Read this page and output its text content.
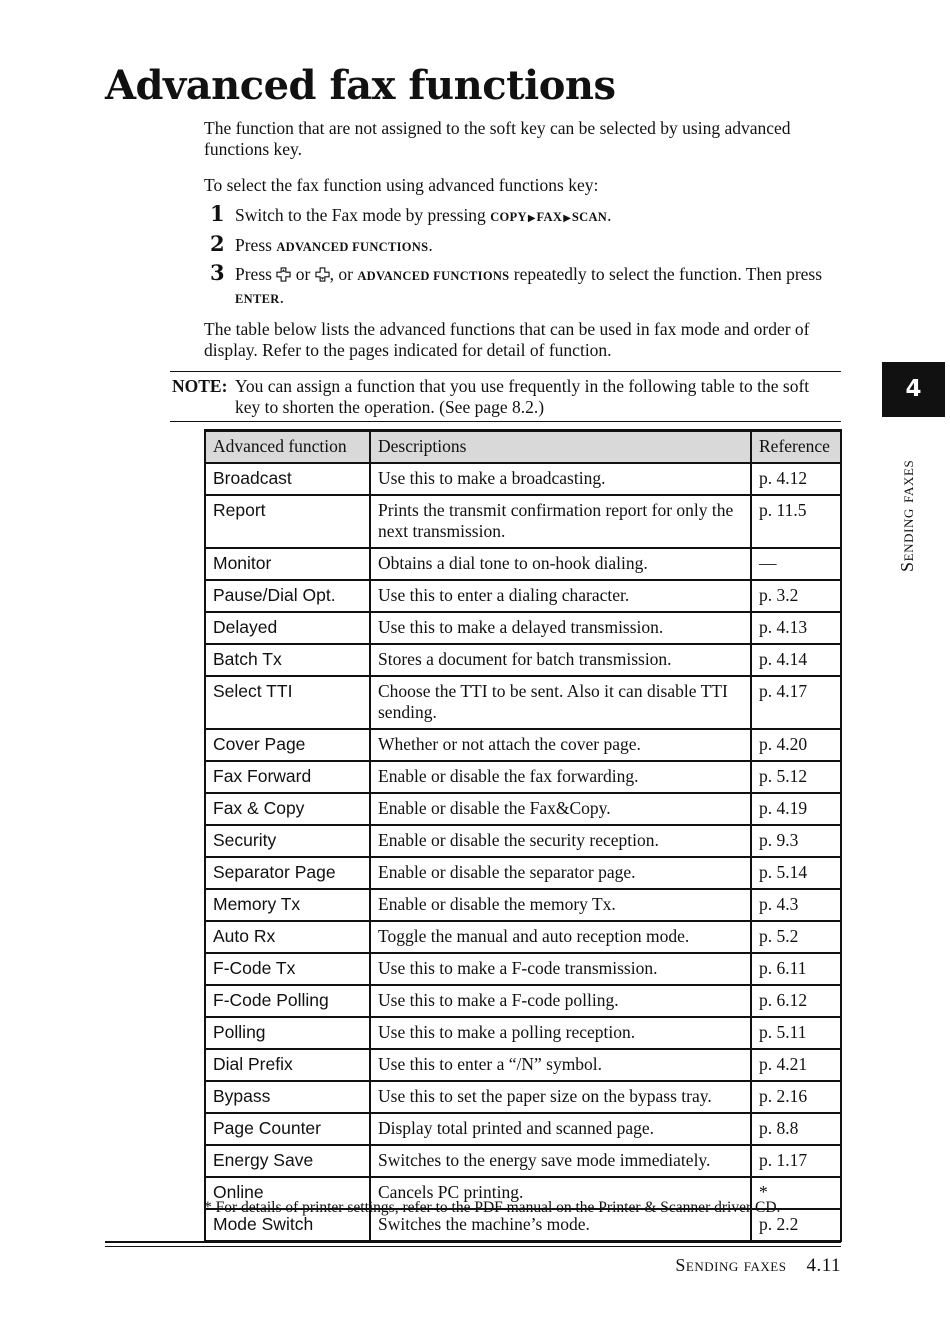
Advanced fax functions

The function that are not assigned to the soft key can be selected by using advanced functions key.

To select the fax function using advanced functions key:

1 Switch to the Fax mode by pressing COPY▶FAX▶SCAN.
2 Press ADVANCED FUNCTIONS.
3 Press  or , or ADVANCED FUNCTIONS repeatedly to select the function. Then press ENTER.

The table below lists the advanced functions that can be used in fax mode and order of display. Refer to the pages indicated for detail of function.

NOTE: You can assign a function that you use frequently in the following table to the soft key to shorten the operation. (See page 8.2.)
Advanced function	Descriptions	Reference
Broadcast	Use this to make a broadcasting.	p. 4.12
Report	Prints the transmit confirmation report for only the next transmission.	p. 11.5
Monitor	Obtains a dial tone to on-hook dialing.	—
Pause/Dial Opt.	Use this to enter a dialing character.	p. 3.2
Delayed	Use this to make a delayed transmission.	p. 4.13
Batch Tx	Stores a document for batch transmission.	p. 4.14
Select TTI	Choose the TTI to be sent. Also it can disable TTI sending.	p. 4.17
Cover Page	Whether or not attach the cover page.	p. 4.20
Fax Forward	Enable or disable the fax forwarding.	p. 5.12
Fax & Copy	Enable or disable the Fax&Copy.	p. 4.19
Security	Enable or disable the security reception.	p. 9.3
Separator Page	Enable or disable the separator page.	p. 5.14
Memory Tx	Enable or disable the memory Tx.	p. 4.3
Auto Rx	Toggle the manual and auto reception mode.	p. 5.2
F-Code Tx	Use this to make a F-code transmission.	p. 6.11
F-Code Polling	Use this to make a F-code polling.	p. 6.12
Polling	Use this to make a polling reception.	p. 5.11
Dial Prefix	Use this to enter a “/N” symbol.	p. 4.21
Bypass	Use this to set the paper size on the bypass tray.	p. 2.16
Page Counter	Display total printed and scanned page.	p. 8.8
Energy Save	Switches to the energy save mode immediately.	p. 1.17
Online	Cancels PC printing.	*
Mode Switch	Switches the machine’s mode.	p. 2.2
* For details of printer settings, refer to the PDF manual on the Printer & Scanner driver CD.
Sending faxes 4.11
4
Sending faxes
